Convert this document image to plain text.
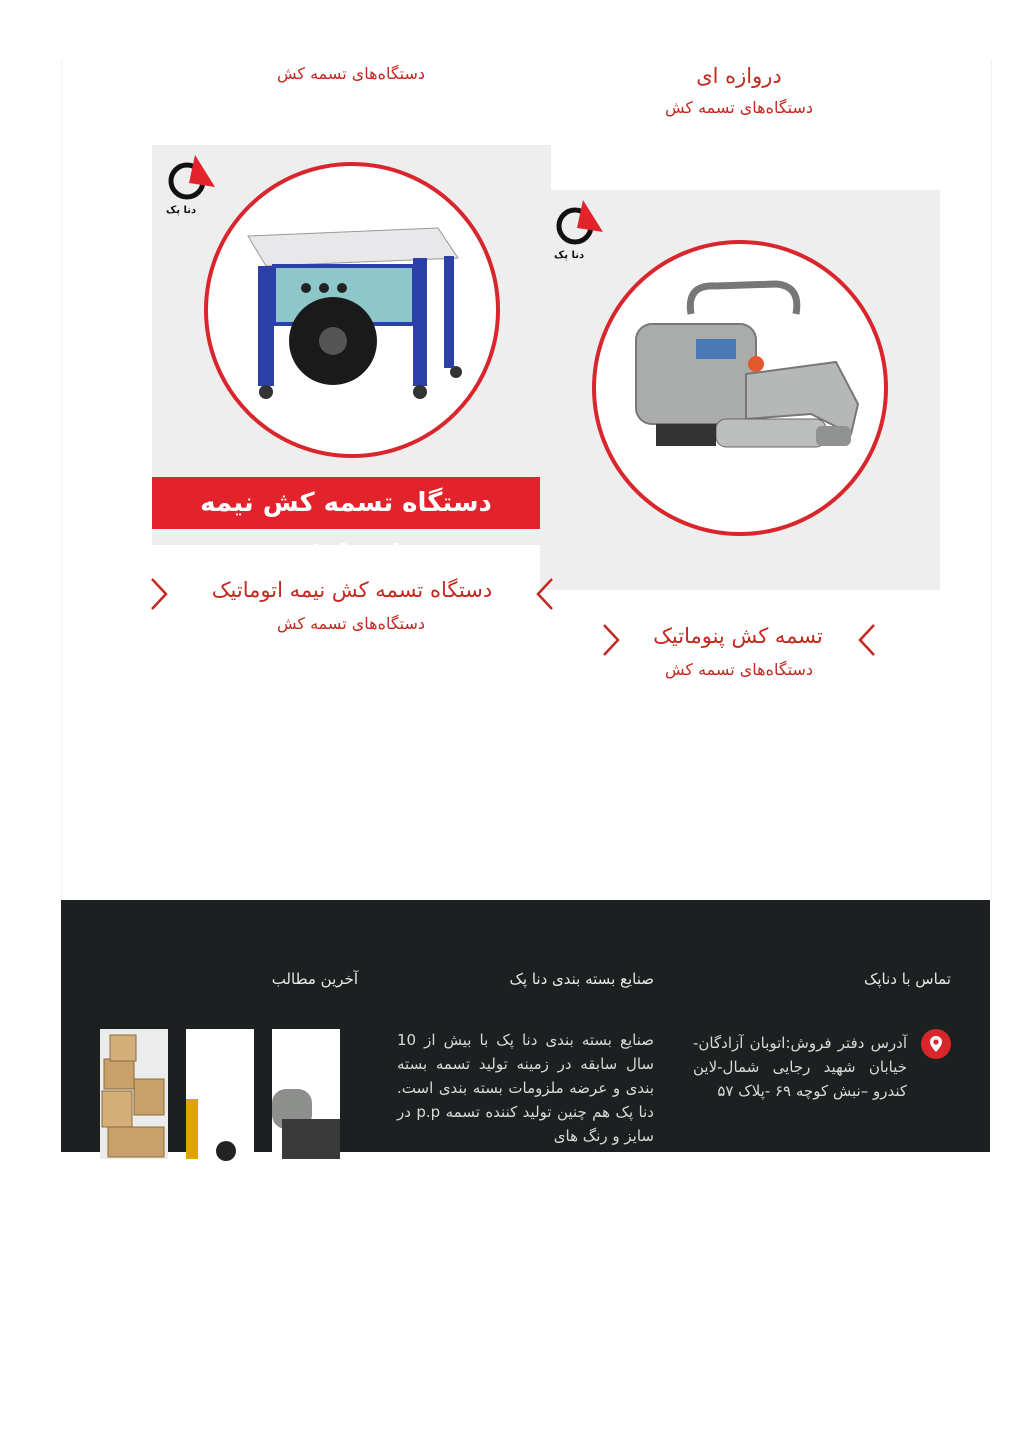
دروازه ای
دستگاه‌های تسمه کش
دستگاه‌های تسمه کش
دنا پک
دستگاه تسمه کش نیمه اتوماتیک
دنا پک
دستگاه تسمه کش نیمه اتوماتیک
دستگاه‌های تسمه کش
تسمه کش پنوماتیک
دستگاه‌های تسمه کش
تماس با دناپک
آدرس دفتر فروش:اتوبان آزادگان-خیابان شهید رجایی شمال-لاین کندرو –نبش کوچه ۶۹ -پلاک ۵۷
صنایع بسته بندی دنا پک
صنایع بسته بندی دنا پک با بیش از 10 سال سابقه در زمینه تولید تسمه بسته بندی و عرضه ملزومات بسته بندی است. دنا پک هم چنین تولید کننده تسمه p.p در سایز و رنگ های
آخرین مطالب
